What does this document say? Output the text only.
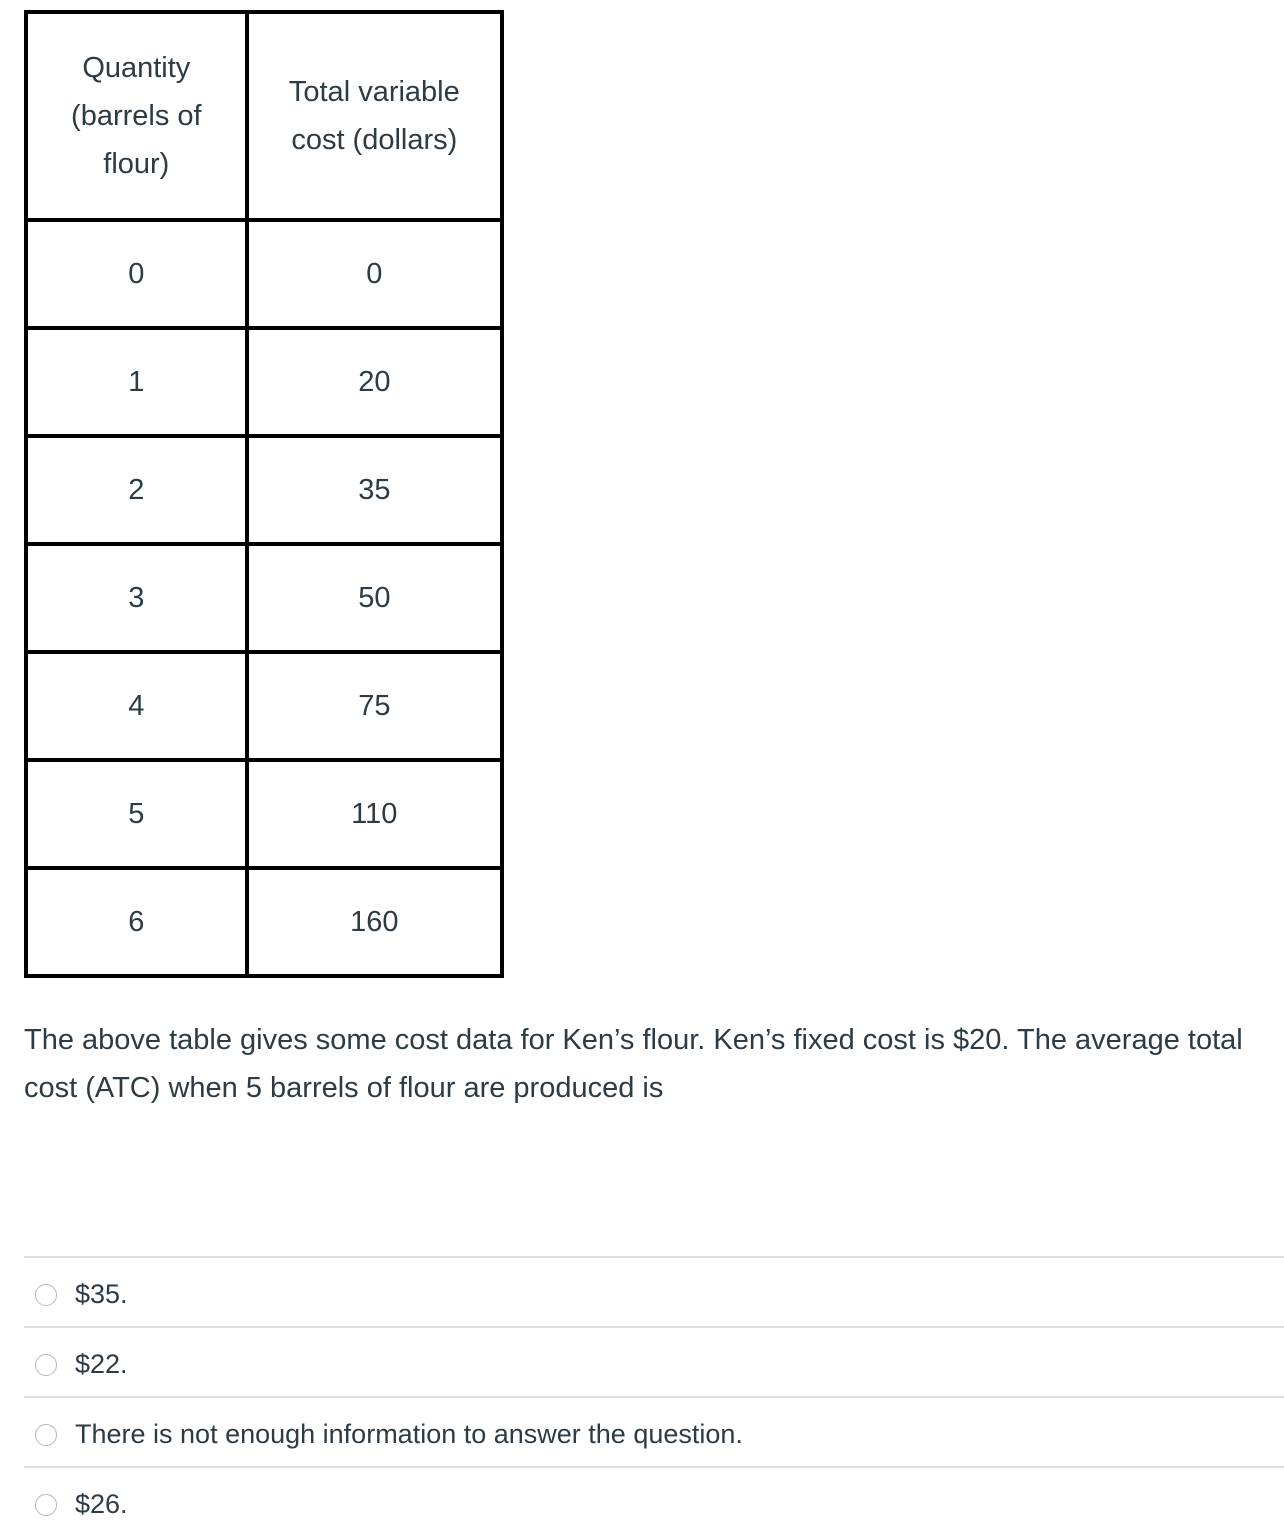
Quantity (barrels of flour)	Total variable cost (dollars)
0	0
1	20
2	35
3	50
4	75
5	110
6	160
The above table gives some cost data for Ken’s flour. Ken’s fixed cost is $20. The average total cost (ATC) when 5 barrels of flour are produced is
$35.
$22.
There is not enough information to answer the question.
$26.
